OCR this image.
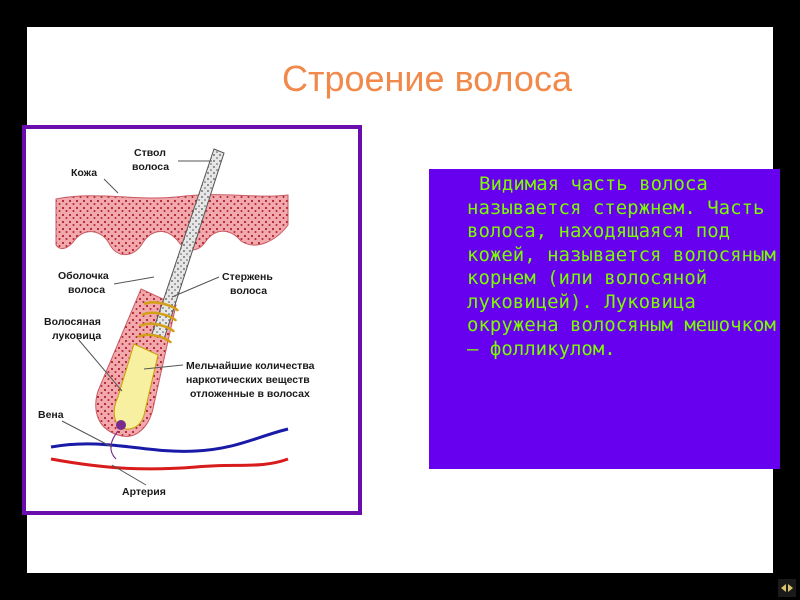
Строение волоса
Ствол
волоса
Кожа
Оболочка
волоса
Стержень
волоса
Волосяная
луковица
Мельчайшие количества
наркотических веществ
отложенные в волосах
Вена
Артерия

Видимая часть волоса называется стержнем. Часть волоса, находящаяся под кожей, называется волосяным корнем (или волосяной луковицей). Луковица окружена волосяным мешочком — фолликулом.
